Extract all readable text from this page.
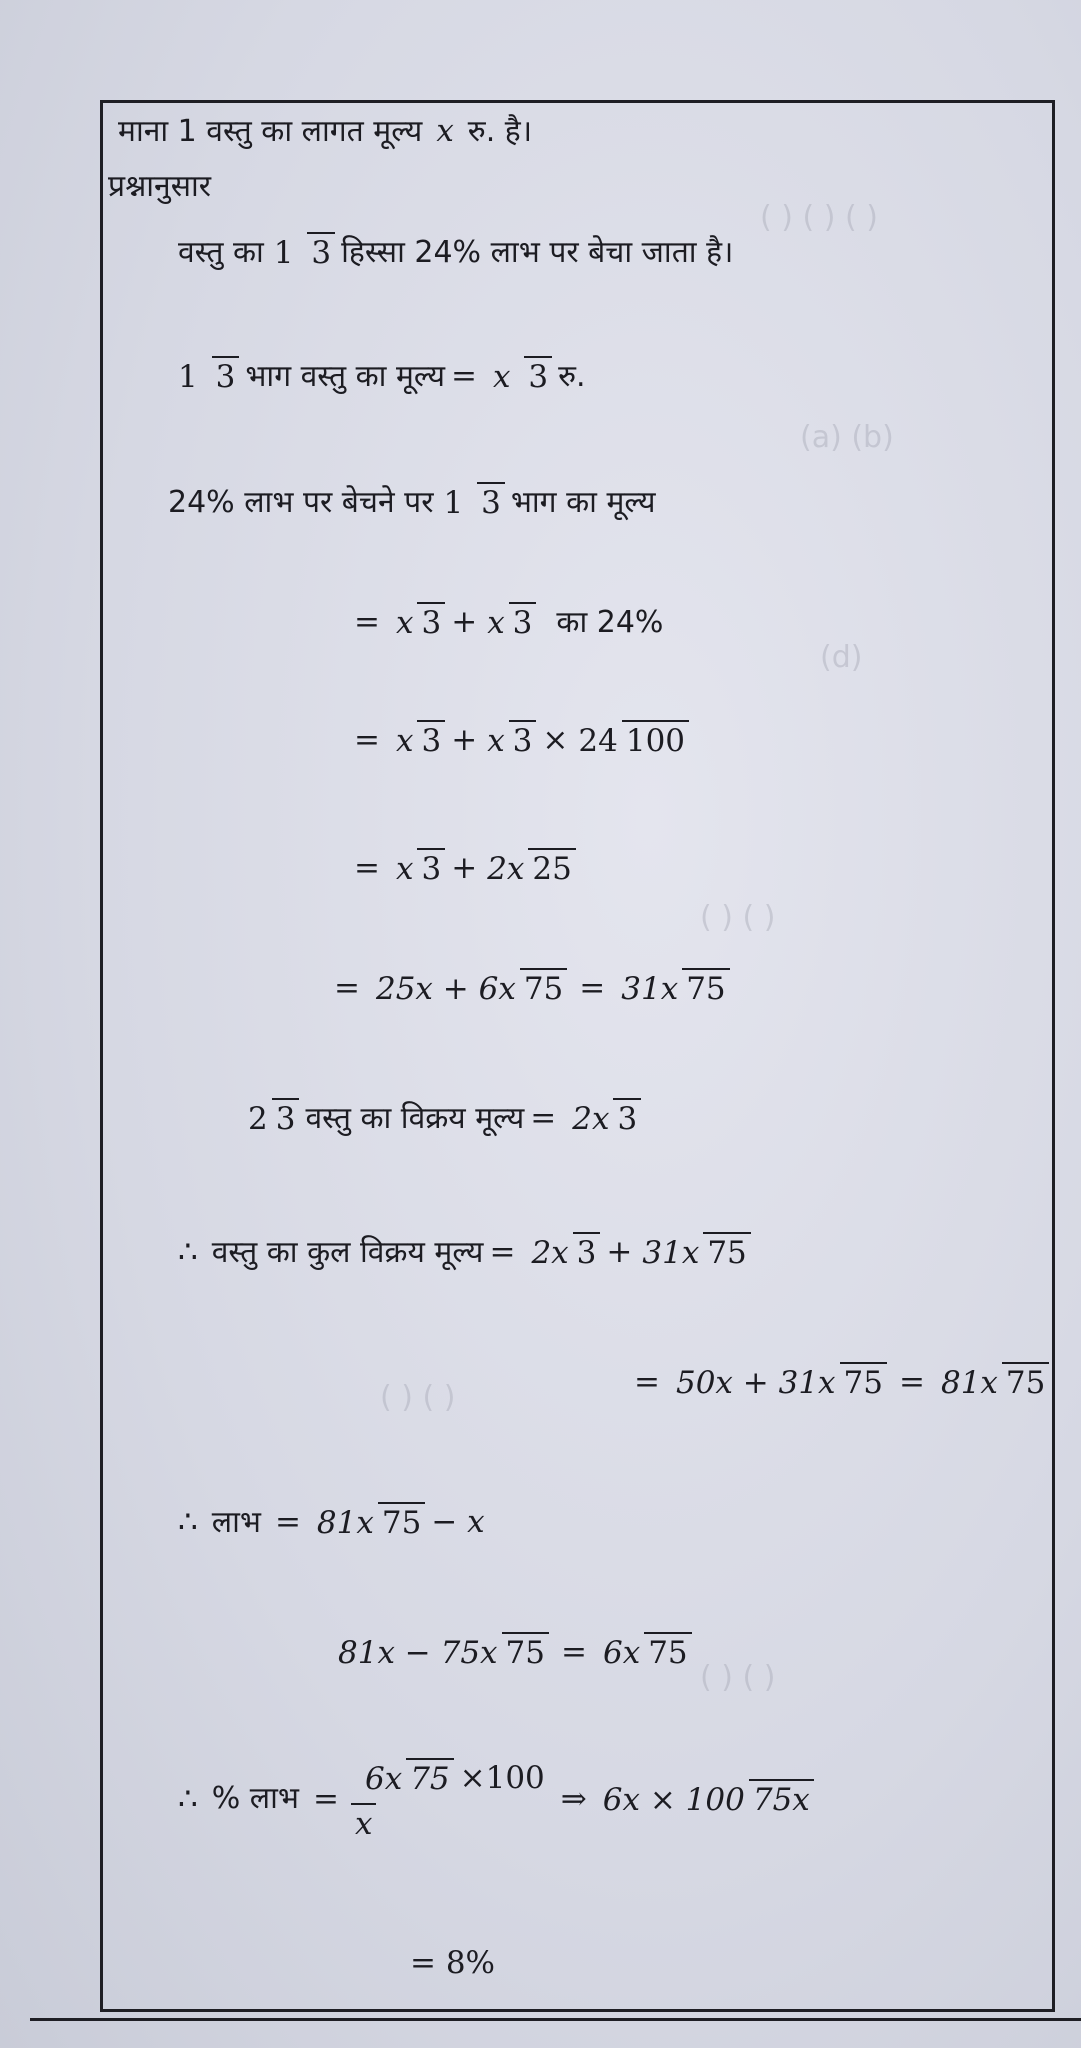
( ) ( ) ( )
(a) (b)
(d)
( ) ( )
( ) ( )
( ) ( )
माना 1 वस्तु का लागत मूल्य x रु. है।
प्रश्नानुसार
वस्तु का 1 3 हिस्सा 24% लाभ पर बेचा जाता है।
1 3 भाग वस्तु का मूल्य = x 3 रु.
24% लाभ पर बेचने पर 1 3 भाग का मूल्य
= x 3 + x 3 का 24%
= x 3 + x 3 × 24 100
= x 3 + 2x 25
= 25x + 6x 75 = 31x 75
2 3 वस्तु का विक्रय मूल्य = 2x 3
∴ वस्तु का कुल विक्रय मूल्य = 2x 3 + 31x 75
= 50x + 31x 75 = 81x 75
∴ लाभ = 81x 75 − x
81x − 75x 75 = 6x 75
∴ % लाभ = $\frac{6x 75 \times 100}{x}$ ⇒ 6x × 100 75x
= 8%
